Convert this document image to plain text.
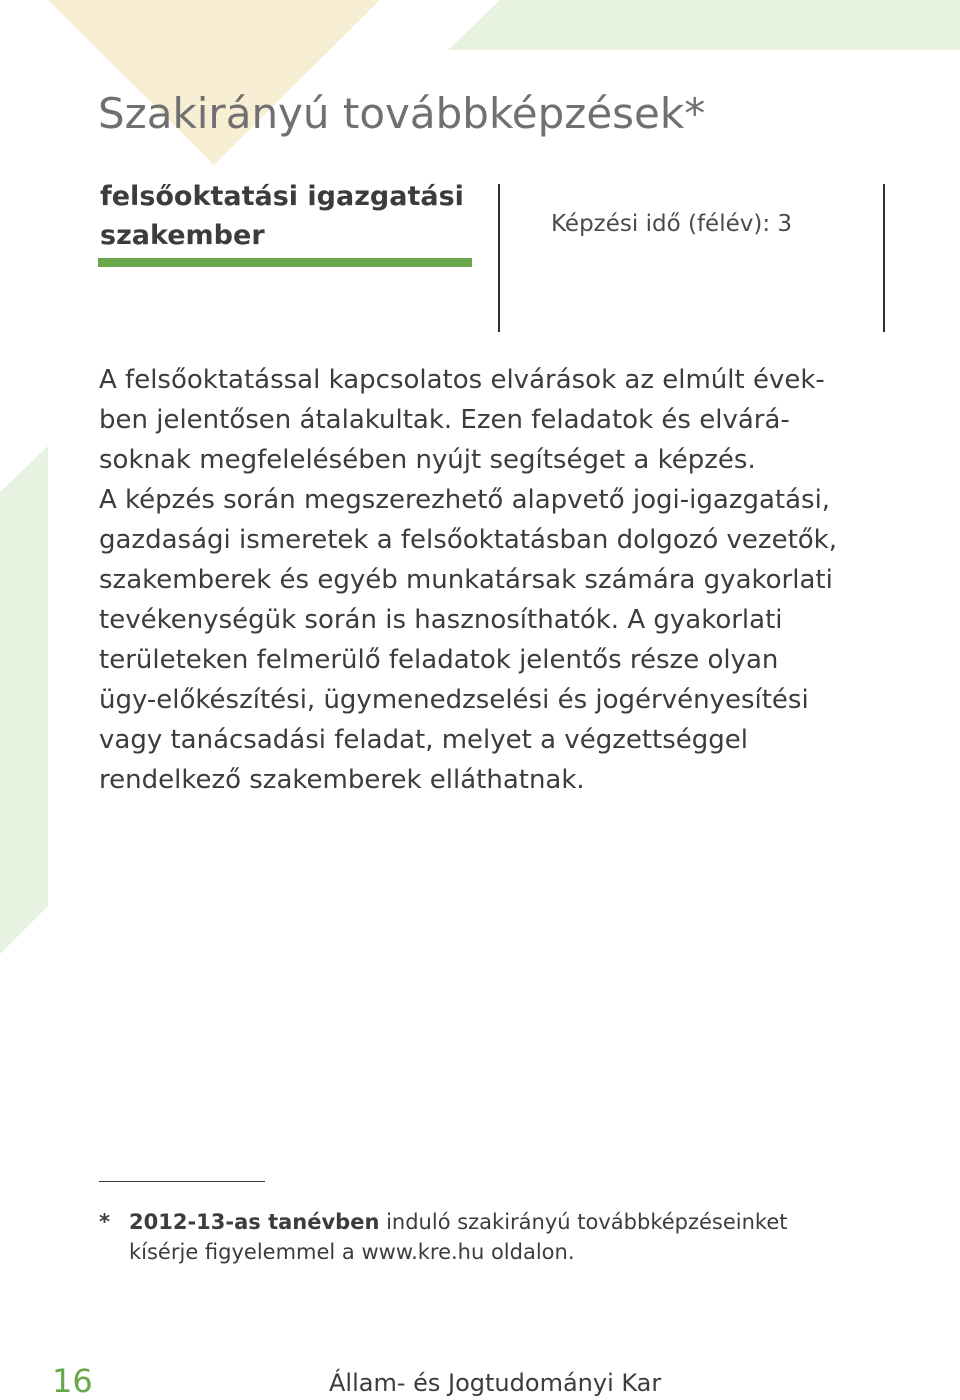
Szakirányú továbbképzések*
felsőoktatási igazgatási szakember	Képzési idő (félév): 3

A felsőoktatással kapcsolatos elvárások az elmúlt évek-
ben jelentősen átalakultak. Ezen feladatok és elvárá-
soknak megfelelésében nyújt segítséget a képzés.
A képzés során megszerezhető alapvető jogi-igazgatási,
gazdasági ismeretek a felsőoktatásban dolgozó vezetők,
szakemberek és egyéb munkatársak számára gyakorlati
tevékenységük során is hasznosíthatók. A gyakorlati
területeken felmerülő feladatok jelentős része olyan
ügy-előkészítési, ügymenedzselési és jogérvényesítési
vagy tanácsadási feladat, melyet a végzettséggel
rendelkező szakemberek elláthatnak.

* 2012-13-as tanévben induló szakirányú továbbképzéseinket
kísérje figyelemmel a www.kre.hu oldalon.
16	Állam- és Jogtudományi Kar
